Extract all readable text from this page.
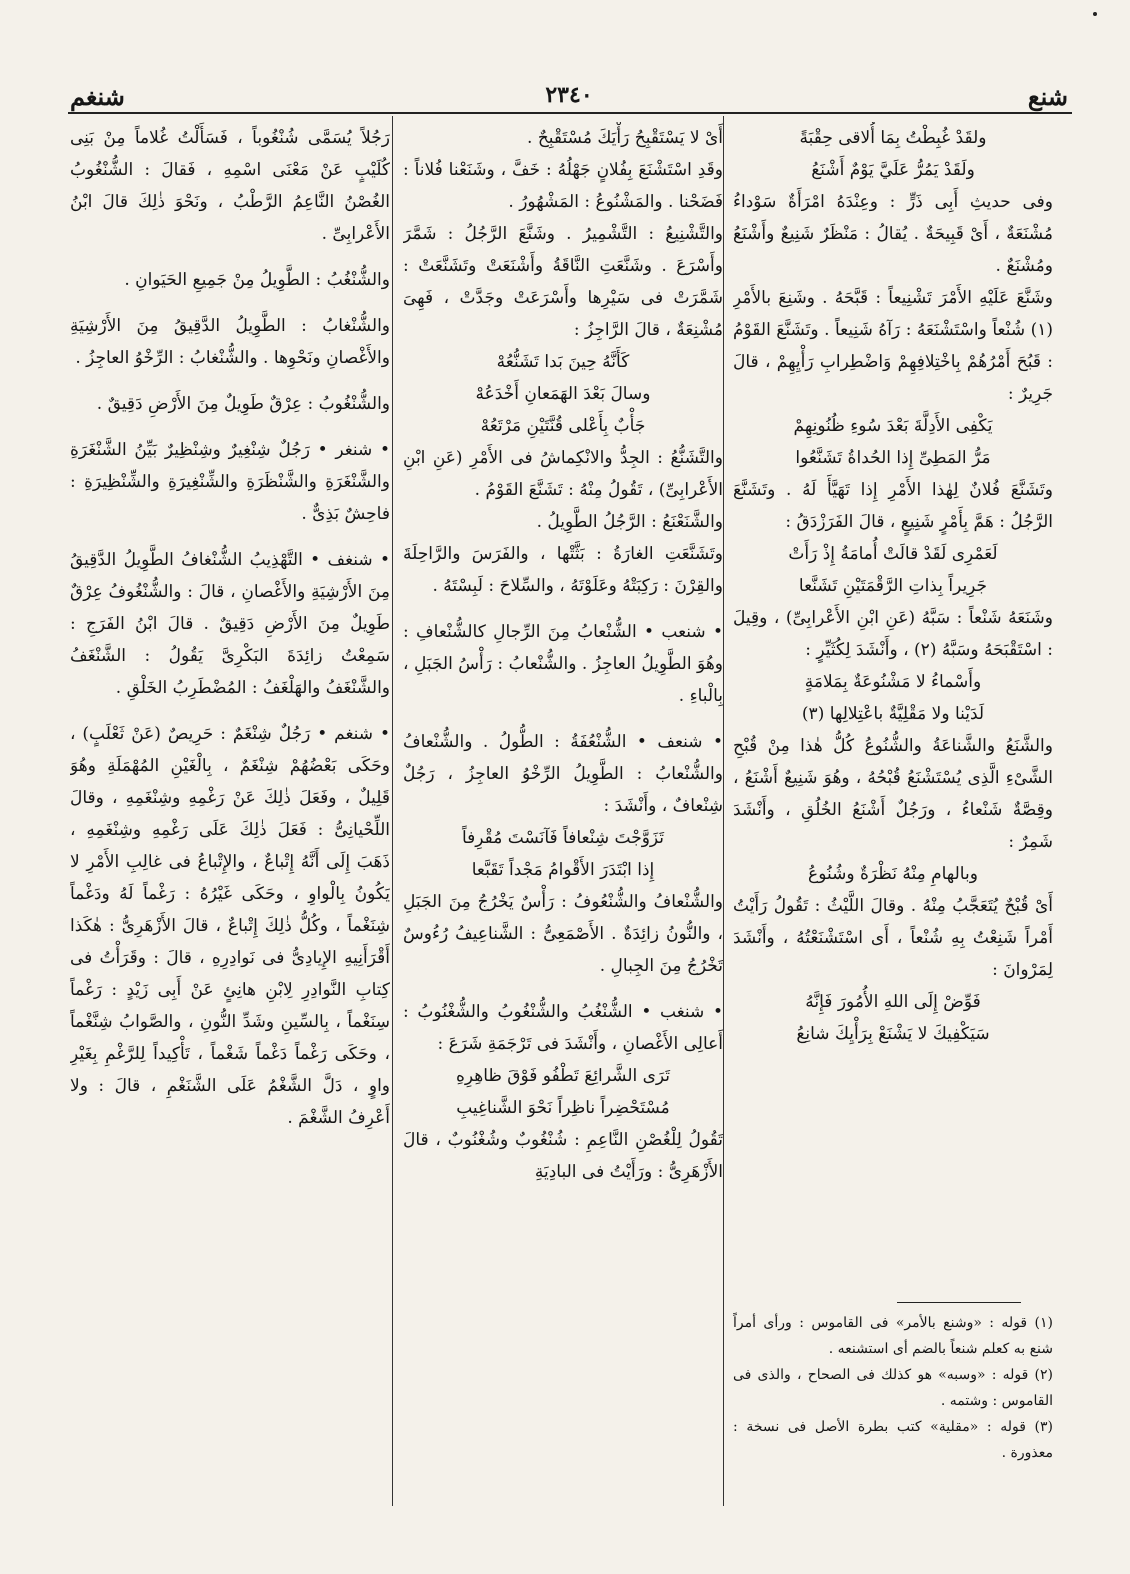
شنع
٢٣٤٠
شنغم

ولقَدْ غُبِطْتُ بِمَا أُلاقى حِقْبَةً

ولَقَدْ يَمُرُّ عَلَيَّ يَوْمٌ أَشْنَعُ

وفى حديثِ أَبِى ذَرٍّ : وعِنْدَهُ امْرَأَةٌ سَوْداءُ مُشْنَعَةٌ ، أَىْ قَبِيحَةٌ . يُقالُ : مَنْظَرٌ شَنِيعٌ وأَشْنَعُ ومُشْنَعٌ .

وشَنَّعَ عَلَيْهِ الأَمْرَ تَشْنِيعاً : قَبَّحَهُ . وشَنِعَ بالأَمْرِ (١) شُنْعاً واسْتَشْنَعَهُ : رَآهُ شَنِيعاً . وتَشَنَّعَ القَوْمُ : قَبُحَ أَمْرُهُمْ بِاخْتِلافِهِمْ وَاضْطِرابِ رَأْيِهِمْ ، قالَ جَرِيرٌ :

يَكْفِى الأَدِلَّةَ بَعْدَ سُوءِ ظُنُونِهِمْ

مَرُّ المَطِىِّ إِذا الحُداةُ تَشَنَّعُوا

وتَشَنَّعَ فُلانٌ لِهٰذا الأَمْرِ إِذا تَهَيَّأَ لَهُ . وتَشَنَّعَ الرَّجُلُ : هَمَّ بِأَمْرٍ شَنِيعٍ ، قالَ الفَرَزْدَقُ :

لَعَمْرِى لَقَدْ قالَتْ أُمامَةُ إِذْ رَأَتْ

جَرِيراً بِذاتِ الرَّقْمَتَيْنِ تَشَنَّعا

وشَنَعَهُ شَنْعاً : سَبَّهُ (عَنِ ابْنِ الأَعْرابِىِّ) ، وقِيلَ : اسْتَقْبَحَهُ وسَبَّهُ (٢) ، وأَنْشَدَ لِكُثَيِّرٍ :

وأَسْماءُ لا مَشْنُوعَةٌ بِمَلامَةٍ

لَدَيْنا ولا مَقْلِيَّةٌ باعْتِلالِها (٣)

والشَّنَعُ والشَّناعَةُ والشُّنُوعُ كُلُّ هٰذا مِنْ قُبْحِ الشَّىْءِ الَّذِى يُسْتَشْنَعُ قُبْحُهُ ، وهُوَ شَنِيعٌ أَشْنَعُ ، وقِصَّةٌ شَنْعاءُ ، ورَجُلٌ أَشْنَعُ الخُلُقِ ، وأَنْشَدَ شَمِرٌ :

وبالهامِ مِنْهُ نَظْرَةٌ وشُنُوعُ

أَىْ قُبْحٌ يُتَعَجَّبُ مِنْهُ . وقالَ اللَّيْثُ : تَقُولُ رَأَيْتُ أَمْراً شَنِعْتُ بِهِ شُنْعاً ، أَى اسْتَشْنَعْتُهُ ، وأَنْشَدَ لِمَرْوانَ :

فَوِّضْ إِلَى اللهِ الأُمُورَ فَإِنَّهُ

سَيَكْفِيكَ لا يَشْنَعْ بِرَأْيِكَ شانِعُ

(١) قوله : «وشنع بالأمر» فى القاموس : ورأى أمراً شنع به كعلم شنعاً بالضم أى استشنعه .

(٢) قوله : «وسبه» هو كذلك فى الصحاح ، والذى فى القاموس : وشتمه .

(٣) قوله : «مقلية» كتب بطرة الأصل فى نسخة : معذورة .

أَىْ لا يَسْتَقْبِحُ رَأْيَكَ مُسْتَقْبِحٌ .

وقَدِ اسْتَشْنَعَ بِفُلانٍ جَهْلُهُ : خَفَّ ، وشَنَعْنا فُلاناً : فَضَحْنا . والمَشْنُوعُ : المَشْهُورُ .

والتَّشْنِيعُ : التَّشْمِيرُ . وشَنَّعَ الرَّجُلُ : شَمَّرَ وأَسْرَعَ . وشَنَّعَتِ النَّاقَةُ وأَشْنَعَتْ وتَشَنَّعَتْ : شَمَّرَتْ فى سَيْرِها وأَسْرَعَتْ وجَدَّتْ ، فَهِىَ مُشْنِعَةٌ ، قالَ الرَّاجِزُ :

كَأَنَّهُ حِينَ بَدا تَشَنُّعُهْ

وسالَ بَعْدَ الهَمَعانِ أَخْدَعُهْ

جَأْبٌ بِأَعْلى قُنَّتَيْنِ مَرْتَعُهْ

والتَّشَنُّعُ : الجِدُّ والانْكِماشُ فى الأَمْرِ (عَنِ ابْنِ الأَعْرابِىِّ) ، تَقُولُ مِنْهُ : تَشَنَّعَ القَوْمُ .

والشَّنَعْنَعُ : الرَّجُلُ الطَّوِيلُ .

وتَشَنَّعَتِ الغارَةُ : بَثَّتْها ، والفَرَسَ والرَّاحِلَةَ والقِرْنَ : رَكِبَتْهُ وعَلَوْتَهُ ، والسِّلاحَ : لَبِسْتَهُ .

• شنعب • الشُّنْعابُ مِنَ الرِّجالِ كالشُّنْعافِ : وهُوَ الطَّوِيلُ العاجِزُ . والشُّنْعابُ : رَأْسُ الجَبَلِ ، بِالْباءِ .

• شنعف • الشُّنْعُفَةُ : الطُّولُ . والشُّنْعافُ والشُّنْعابُ : الطَّوِيلُ الرِّخْوُ العاجِزُ ، رَجُلٌ شِنْعافٌ ، وأَنْشَدَ :

تَزَوَّجْتَ شِنْعافاً فَآنَسْتَ مُقْرِفاً

إِذا ابْتَدَرَ الأَقْوامُ مَجْداً تَقَبَّعا

والشُّنْعافُ والشُّنْعُوفُ : رَأْسٌ يَخْرُجُ مِنَ الجَبَلِ ، والنُّونُ زائِدَةٌ . الأَصْمَعِىُّ : الشَّناعِيفُ رُءُوسٌ تَخْرُجُ مِنَ الجِبالِ .

• شنغب • الشُّنْغُبُ والشُّنْغُوبُ والشُّغْنُوبُ : أَعالِى الأَغْصانِ ، وأَنْشَدَ فى تَرْجَمَةِ شَرَعَ :

تَرَى الشَّرائِعَ تَطْفُو فَوْقَ ظاهِرِهِ

مُسْتَحْضِراً ناظِراً نَحْوَ الشَّناغِيبِ

تَقُولُ لِلْغُصْنِ النَّاعِمِ : شُنْغُوبٌ وشُغْنُوبٌ ، قالَ الأَزْهَرِىُّ : ورَأَيْتُ فى البادِيَةِ

رَجُلاً يُسَمَّى شُنْغُوباً ، فَسَأَلْتُ غُلاماً مِنْ بَنِى كُلَيْبٍ عَنْ مَعْنَى اسْمِهِ ، فَقالَ : الشُّنْغُوبُ الغُصْنُ النَّاعِمُ الرَّطْبُ ، ونَحْوَ ذٰلِكَ قالَ ابْنُ الأَعْرابِىِّ .

والشُّنْغُبُ : الطَّوِيلُ مِنْ جَمِيعِ الحَيَوانِ .

والشُّنْغابُ : الطَّوِيلُ الدَّقِيقُ مِنَ الأَرْشِيَةِ والأَغْصانِ ونَحْوِها . والشُّنْغابُ : الرِّخْوُ العاجِزُ .

والشُّنْغُوبُ : عِرْقٌ طَوِيلٌ مِنَ الأَرْضِ دَقِيقٌ .

• شنغر • رَجُلٌ شِنْغِيرٌ وشِنْظِيرٌ بَيِّنُ الشَّنْغَرَةِ والشَّنْغَرَةِ والشَّنْظَرَةِ والشِّنْغِيرَةِ والشِّنْظِيرَةِ : فاحِشٌ بَذِىٌّ .

• شنغف • التَّهْذِيبُ الشُّنْغافُ الطَّوِيلُ الدَّقِيقُ مِنَ الأَرْشِيَةِ والأَغْصانِ ، قالَ : والشُّنْغُوفُ عِرْقٌ طَوِيلٌ مِنَ الأَرْضِ دَقِيقٌ . قالَ ابْنُ الفَرَجِ : سَمِعْتُ زائِدَةَ البَكْرِىَّ يَقُولُ : الشَّنْغَفُ والشَّنْغَفُ والهَلْغَفُ : المُضْطَرِبُ الخَلْقِ .

• شنغم • رَجُلٌ شِنْغَمٌ : حَرِيصٌ (عَنْ ثَعْلَبٍ) ، وحَكَى بَعْضُهُمْ شِنْغَمٌ ، بِالْغَيْنِ المُهْمَلَةِ وهُوَ قَلِيلٌ ، وفَعَلَ ذٰلِكَ عَنْ رَغْمِهِ وشِنْغَمِهِ ، وقالَ اللِّحْيانِىُّ : فَعَلَ ذٰلِكَ عَلَى رَغْمِهِ وشِنْغَمِهِ ، ذَهَبَ إِلَى أَنَّهُ إِتْباعٌ ، والإِتْباعُ فى غالِبِ الأَمْرِ لا يَكُونُ بِالْواوِ ، وحَكَى غَيْرُهُ : رَغْماً لَهُ ودَغْماً شِنَغْماً ، وكُلُّ ذٰلِكَ إِتْباعٌ ، قالَ الأَزْهَرِىُّ : هٰكَذا أَقْرَأَنِيهِ الإِيادِىُّ فى نَوادِرِهِ ، قالَ : وقَرَأْتُ فى كِتابِ النَّوادِرِ لِابْنِ هانِئٍ عَنْ أَبِى زَيْدٍ : رَغْماً سِنَغْماً ، بِالسِّينِ وشَدِّ النُّونِ ، والصَّوابُ شِنَّغْماً ، وحَكَى رَغْماً دَغْماً شَغْماً ، تَأْكِيداً لِلرَّغْمِ بِغَيْرِ واوٍ ، دَلَّ الشَّغْمُ عَلَى الشَّنَغْمِ ، قالَ : ولا أَعْرِفُ الشَّغْمَ .
